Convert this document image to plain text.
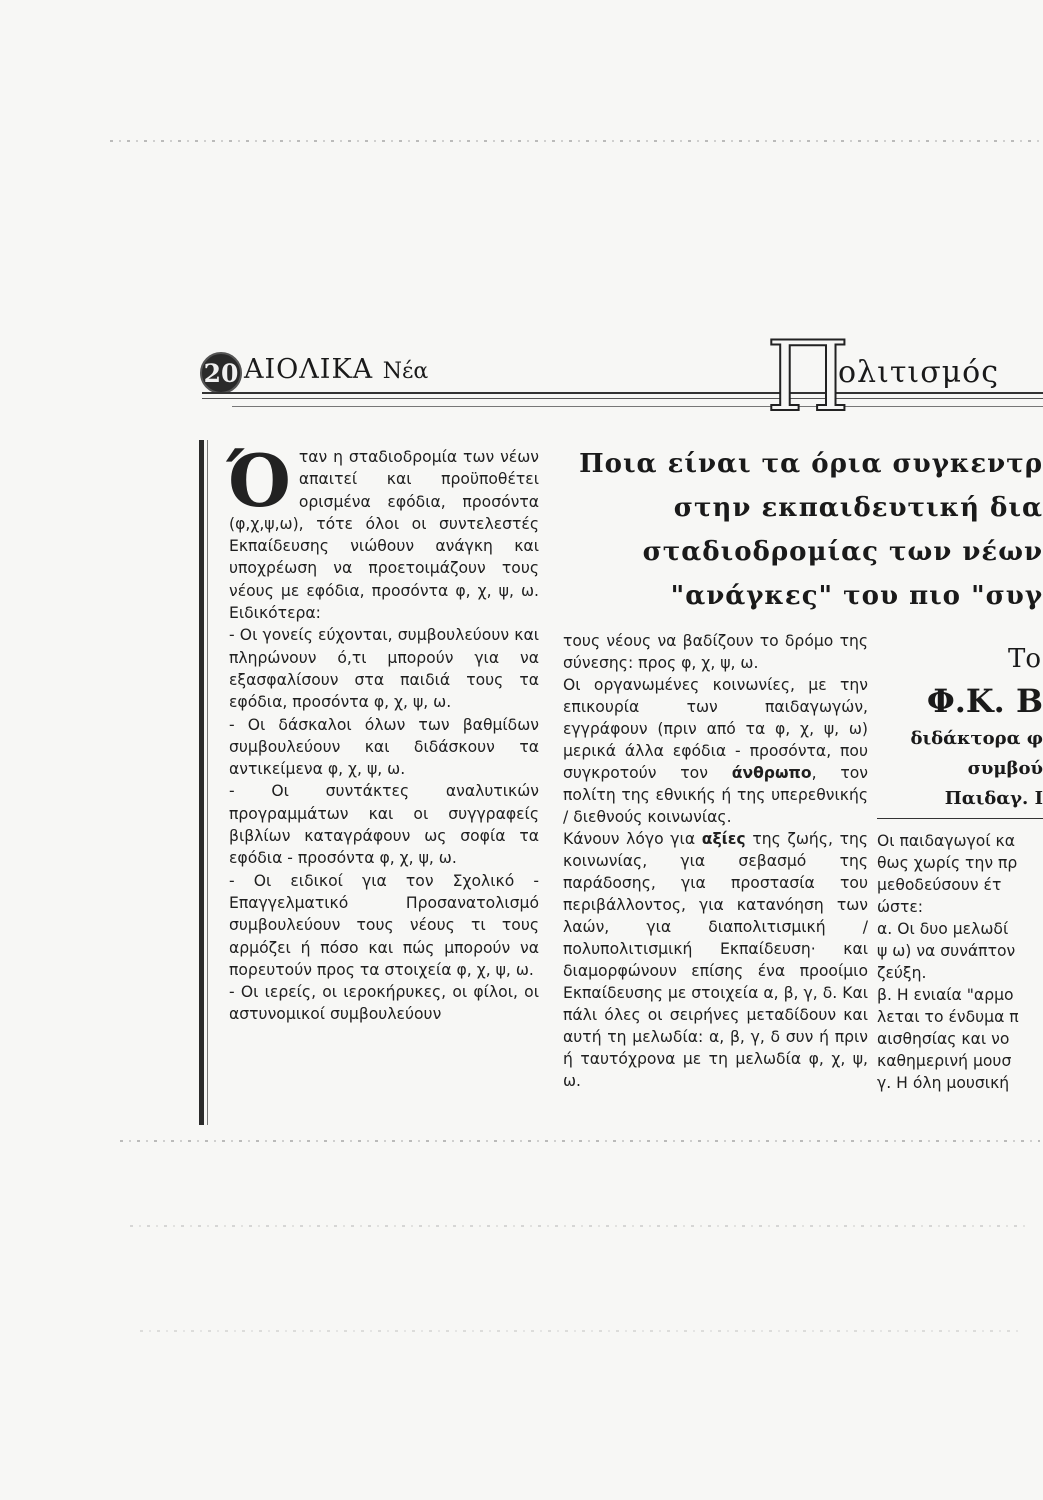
20 ΑΙΟΛΙΚΑ Νέα	Π
ολιτισμός
Ό ταν η σταδιοδρομία των νέων απαιτεί και προϋποθέτει ορισμένα εφόδια, προσόντα (φ,χ,ψ,ω), τότε όλοι οι συντελεστές Εκπαίδευσης νιώθουν ανάγκη και υποχρέωση να προετοιμάζουν τους νέους με εφόδια, προσόντα φ, χ, ψ, ω. Ειδικότερα:

- Οι γονείς εύχονται, συμβουλεύουν και πληρώνουν ό,τι μπορούν για να εξασφαλίσουν στα παιδιά τους τα εφόδια, προσόντα φ, χ, ψ, ω.

- Οι δάσκαλοι όλων των βαθμίδων συμβουλεύουν και διδάσκουν τα αντικείμενα φ, χ, ψ, ω.

- Οι συντάκτες αναλυτικών προγραμμάτων και οι συγγραφείς βιβλίων καταγράφουν ως σοφία τα εφόδια - προσόντα φ, χ, ψ, ω.

- Οι ειδικοί για τον Σχολικό - Επαγγελματικό Προσανατολισμό συμβουλεύουν τους νέους τι τους αρμόζει ή πόσο και πώς μπορούν να πορευτούν προς τα στοιχεία φ, χ, ψ, ω.

- Οι ιερείς, οι ιεροκήρυκες, οι φίλοι, οι αστυνομικοί συμβουλεύουν

Ποια είναι τα όρια συγκεντρ
στην εκπαιδευτική δια
σταδιοδρομίας των νέων
"ανάγκες" του πιο "συγ

τους νέους να βαδίζουν το δρόμο της σύνεσης: προς φ, χ, ψ, ω.

Οι οργανωμένες κοινωνίες, με την επικουρία των παιδαγωγών, εγγράφουν (πριν από τα φ, χ, ψ, ω) μερικά άλλα εφόδια - προσόντα, που συγκροτούν τον άνθρωπο, τον πολίτη της εθνικής ή της υπερεθνικής / διεθνούς κοινωνίας.

Κάνουν λόγο για αξίες της ζωής, της κοινωνίας, για σεβασμό της παράδοσης, για προστασία του περιβάλλοντος, για κατανόηση των λαών, για διαπολιτισμική / πολυπολιτισμική Εκπαίδευση· και διαμορφώνουν επίσης ένα προοίμιο Εκπαίδευσης με στοιχεία α, β, γ, δ. Και πάλι όλες οι σειρήνες μεταδίδουν και αυτή τη μελωδία: α, β, γ, δ συν ή πριν ή ταυτόχρονα με τη μελωδία φ, χ, ψ, ω.

Το
Φ.Κ. Β
διδάκτορα φ
συμβού
Παιδαγ. Ι

Οι παιδαγωγοί κα

θως χωρίς την πρ

μεθοδεύσουν έτ

ώστε:

α. Οι δυο μελωδί

ψ ω) να συνάπτον

ζεύξη.

β. Η ενιαία "αρμο

λεται το ένδυμα π

αισθησίας και νο

καθημερινή μουσ

γ. Η όλη μουσική
